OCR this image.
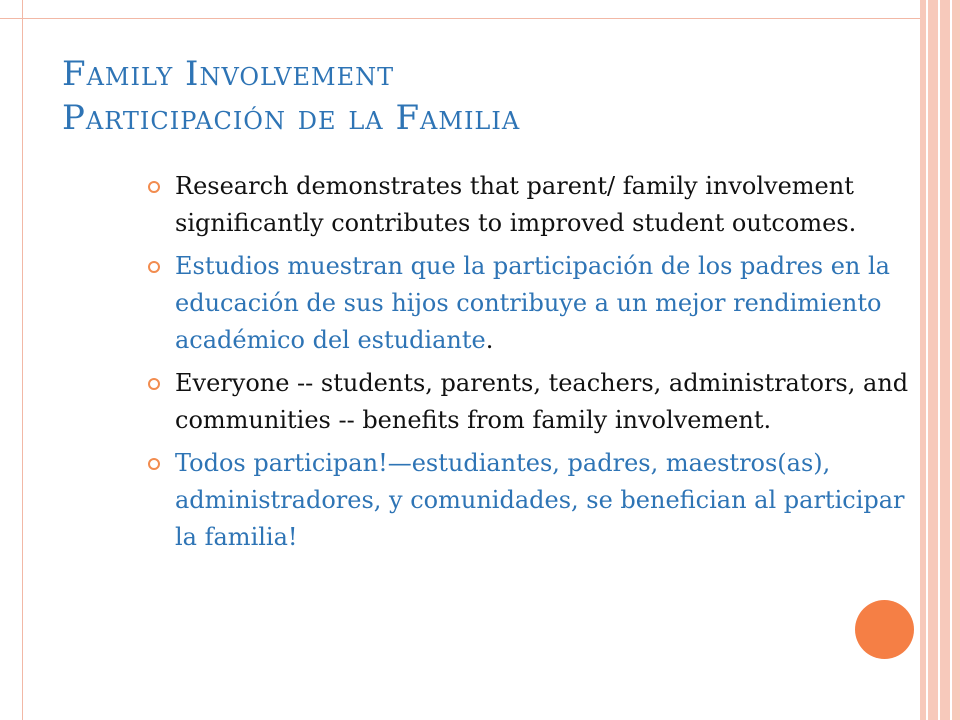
Family Involvement
Participación de la Familia
Research demonstrates that parent/ family involvement significantly contributes to improved student outcomes.
Estudios muestran que la participación de los padres en la educación de sus hijos contribuye a un mejor rendimiento académico del estudiante.
Everyone -- students, parents, teachers, administrators, and communities -- benefits from family involvement.
Todos participan!—estudiantes, padres, maestros(as), administradores, y comunidades, se benefician al participar la familia!
